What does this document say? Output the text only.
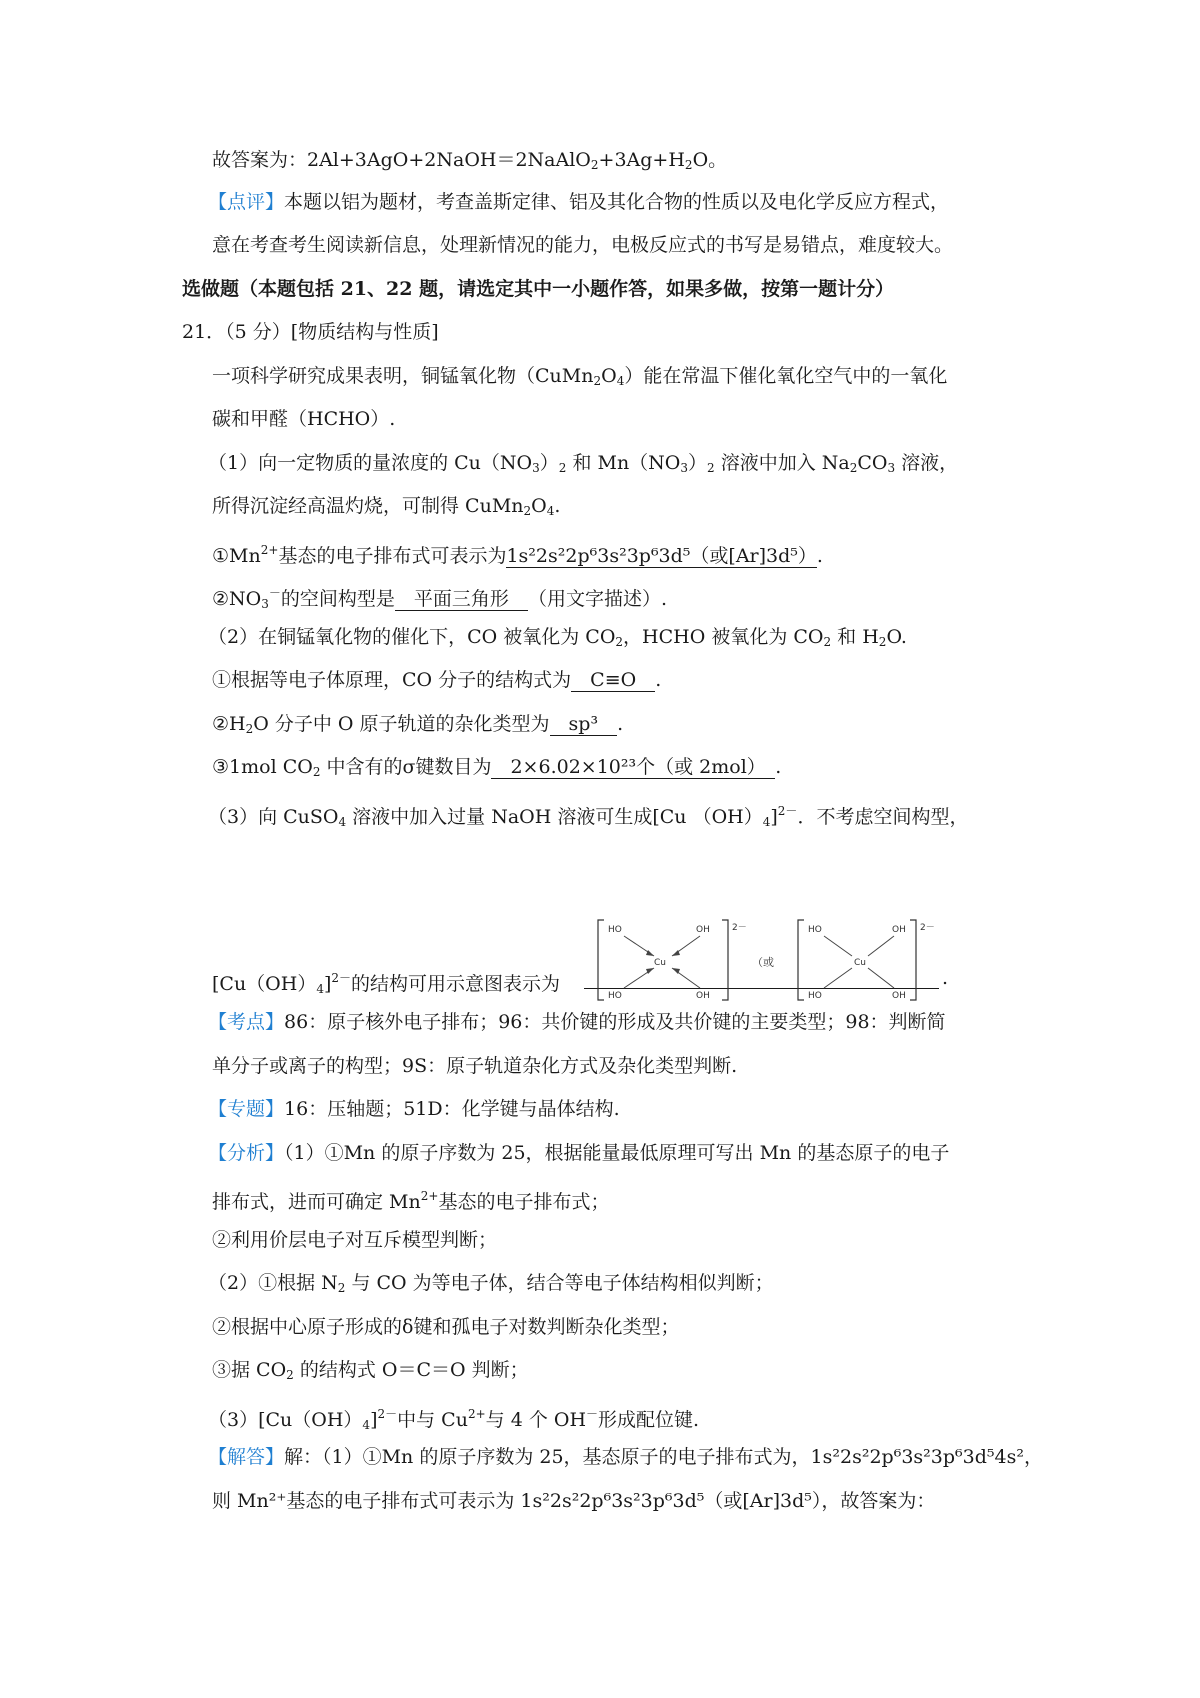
故答案为：$2Al+3AgO+2NaOH=2NaAlO_2+3Ag+H_2O$。
【点评】本题以铝为题材，考查盖斯定律、铝及其化合物的性质以及电化学反应方程式，
意在考查考生阅读新信息，处理新情况的能力，电极反应式的书写是易错点，难度较大。
选做题（本题包括 21、22 题，请选定其中一小题作答，如果多做，按第一题计分）
21．（5 分）[物质结构与性质]
一项科学研究成果表明，铜锰氧化物$(CuMn_2O_4)$能在常温下催化氧化空气中的一氧化
碳和甲醛（HCHO）.
（1）向一定物质的量浓度的 $Cu(NO_3)_2$ 和 $Mn(NO_3)_2$ 溶液中加入 $Na_2CO_3$ 溶液，
所得沉淀经高温灼烧，可制得 $CuMn_2O_4$.
$①Mn^{2+}$基态的电子排布式可表示为1s²2s²2p⁶3s²3p⁶3d⁵（或[Ar]3d⁵）.
$②NO_3^-$的空间构型是　平面三角形　（用文字描述）.
（2）在铜锰氧化物的催化下，CO 被氧化为 $CO_2$，HCHO 被氧化为 $CO_2$ 和 $H_2O$.
①根据等电子体原理，CO 分子的结构式为　C≡O　.
$②H_2O$ 分子中 O 原子轨道的杂化类型为　sp³　.
③1mol $CO_2$ 中含有的σ键数目为　2×6.02×10²³个（或 2mol）　.
（3）向 CuSO$_4$ 溶液中加入过量 NaOH 溶液可生成[Cu $(OH)_4]^{2-}$．不考虑空间构型，
$[Cu(OH)_4]^{2-}$的结构可用示意图表示为	.
HO	OH
HO	OH
Cu
2－
（或
HO	OH
HO	OH
Cu
2－
【考点】86：原子核外电子排布；96：共价键的形成及共价键的主要类型；98：判断简
单分子或离子的构型；9S：原子轨道杂化方式及杂化类型判断.
【专题】16：压轴题；51D：化学键与晶体结构.
【分析】（1）①Mn 的原子序数为 25，根据能量最低原理可写出 Mn 的基态原子的电子
排布式，进而可确定 $Mn^{2+}$基态的电子排布式；
②利用价层电子对互斥模型判断；
（2）①根据 $N_2$ 与 CO 为等电子体，结合等电子体结构相似判断；
②根据中心原子形成的δ键和孤电子对数判断杂化类型；
③据 $CO_2$ 的结构式 O＝C＝O 判断；
$(3)[Cu(OH)_4]^{2-}$中与 $Cu^{2+}$与 4 个 OH－形成配位键.
【解答】解：（1）①Mn 的原子序数为 25，基态原子的电子排布式为，1s²2s²2p⁶3s²3p⁶3d⁵4s²，
则 Mn²⁺基态的电子排布式可表示为 1s²2s²2p⁶3s²3p⁶3d⁵（或[Ar]3d⁵），故答案为：
